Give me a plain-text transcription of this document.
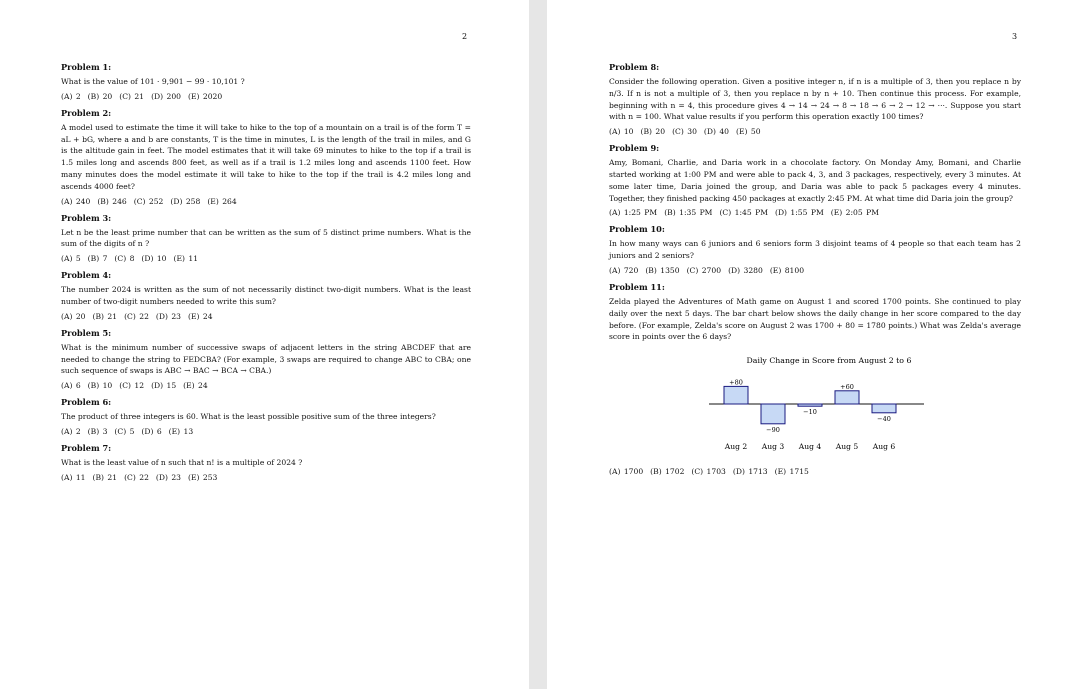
2
Problem 1:
What is the value of 101 · 9,901 − 99 · 10,101 ?
(A) 2 (B) 20 (C) 21 (D) 200 (E) 2020
Problem 2:
A model used to estimate the time it will take to hike to the top of a mountain on a trail is of the form T = aL + bG, where a and b are constants, T is the time in minutes, L is the length of the trail in miles, and G is the altitude gain in feet. The model estimates that it will take 69 minutes to hike to the top if a trail is 1.5 miles long and ascends 800 feet, as well as if a trail is 1.2 miles long and ascends 1100 feet. How many minutes does the model estimate it will take to hike to the top if the trail is 4.2 miles long and ascends 4000 feet?
(A) 240 (B) 246 (C) 252 (D) 258 (E) 264
Problem 3:
Let n be the least prime number that can be written as the sum of 5 distinct prime numbers. What is the sum of the digits of n ?
(A) 5 (B) 7 (C) 8 (D) 10 (E) 11
Problem 4:
The number 2024 is written as the sum of not necessarily distinct two-digit numbers. What is the least number of two-digit numbers needed to write this sum?
(A) 20 (B) 21 (C) 22 (D) 23 (E) 24
Problem 5:
What is the minimum number of successive swaps of adjacent letters in the string ABCDEF that are needed to change the string to FEDCBA? (For example, 3 swaps are required to change ABC to CBA; one such sequence of swaps is ABC → BAC → BCA → CBA.)
(A) 6 (B) 10 (C) 12 (D) 15 (E) 24
Problem 6:
The product of three integers is 60. What is the least possible positive sum of the three integers?
(A) 2 (B) 3 (C) 5 (D) 6 (E) 13
Problem 7:
What is the least value of n such that n! is a multiple of 2024 ?
(A) 11 (B) 21 (C) 22 (D) 23 (E) 253
3
Problem 8:
Consider the following operation. Given a positive integer n, if n is a multiple of 3, then you replace n by n/3. If n is not a multiple of 3, then you replace n by n + 10. Then continue this process. For example, beginning with n = 4, this procedure gives 4 → 14 → 24 → 8 → 18 → 6 → 2 → 12 → ···. Suppose you start with n = 100. What value results if you perform this operation exactly 100 times?
(A) 10 (B) 20 (C) 30 (D) 40 (E) 50
Problem 9:
Amy, Bomani, Charlie, and Daria work in a chocolate factory. On Monday Amy, Bomani, and Charlie started working at 1:00 PM and were able to pack 4, 3, and 3 packages, respectively, every 3 minutes. At some later time, Daria joined the group, and Daria was able to pack 5 packages every 4 minutes. Together, they finished packing 450 packages at exactly 2:45 PM. At what time did Daria join the group?
(A) 1:25 PM (B) 1:35 PM (C) 1:45 PM (D) 1:55 PM (E) 2:05 PM
Problem 10:
In how many ways can 6 juniors and 6 seniors form 3 disjoint teams of 4 people so that each team has 2 juniors and 2 seniors?
(A) 720 (B) 1350 (C) 2700 (D) 3280 (E) 8100
Problem 11:
Zelda played the Adventures of Math game on August 1 and scored 1700 points. She continued to play daily over the next 5 days. The bar chart below shows the daily change in her score compared to the day before. (For example, Zelda's score on August 2 was 1700 + 80 = 1780 points.) What was Zelda's average score in points over the 6 days?
Daily Change in Score from August 2 to 6
+80
Aug 2
−90
Aug 3
−10
Aug 4
+60
Aug 5
−40
Aug 6
(A) 1700 (B) 1702 (C) 1703 (D) 1713 (E) 1715
